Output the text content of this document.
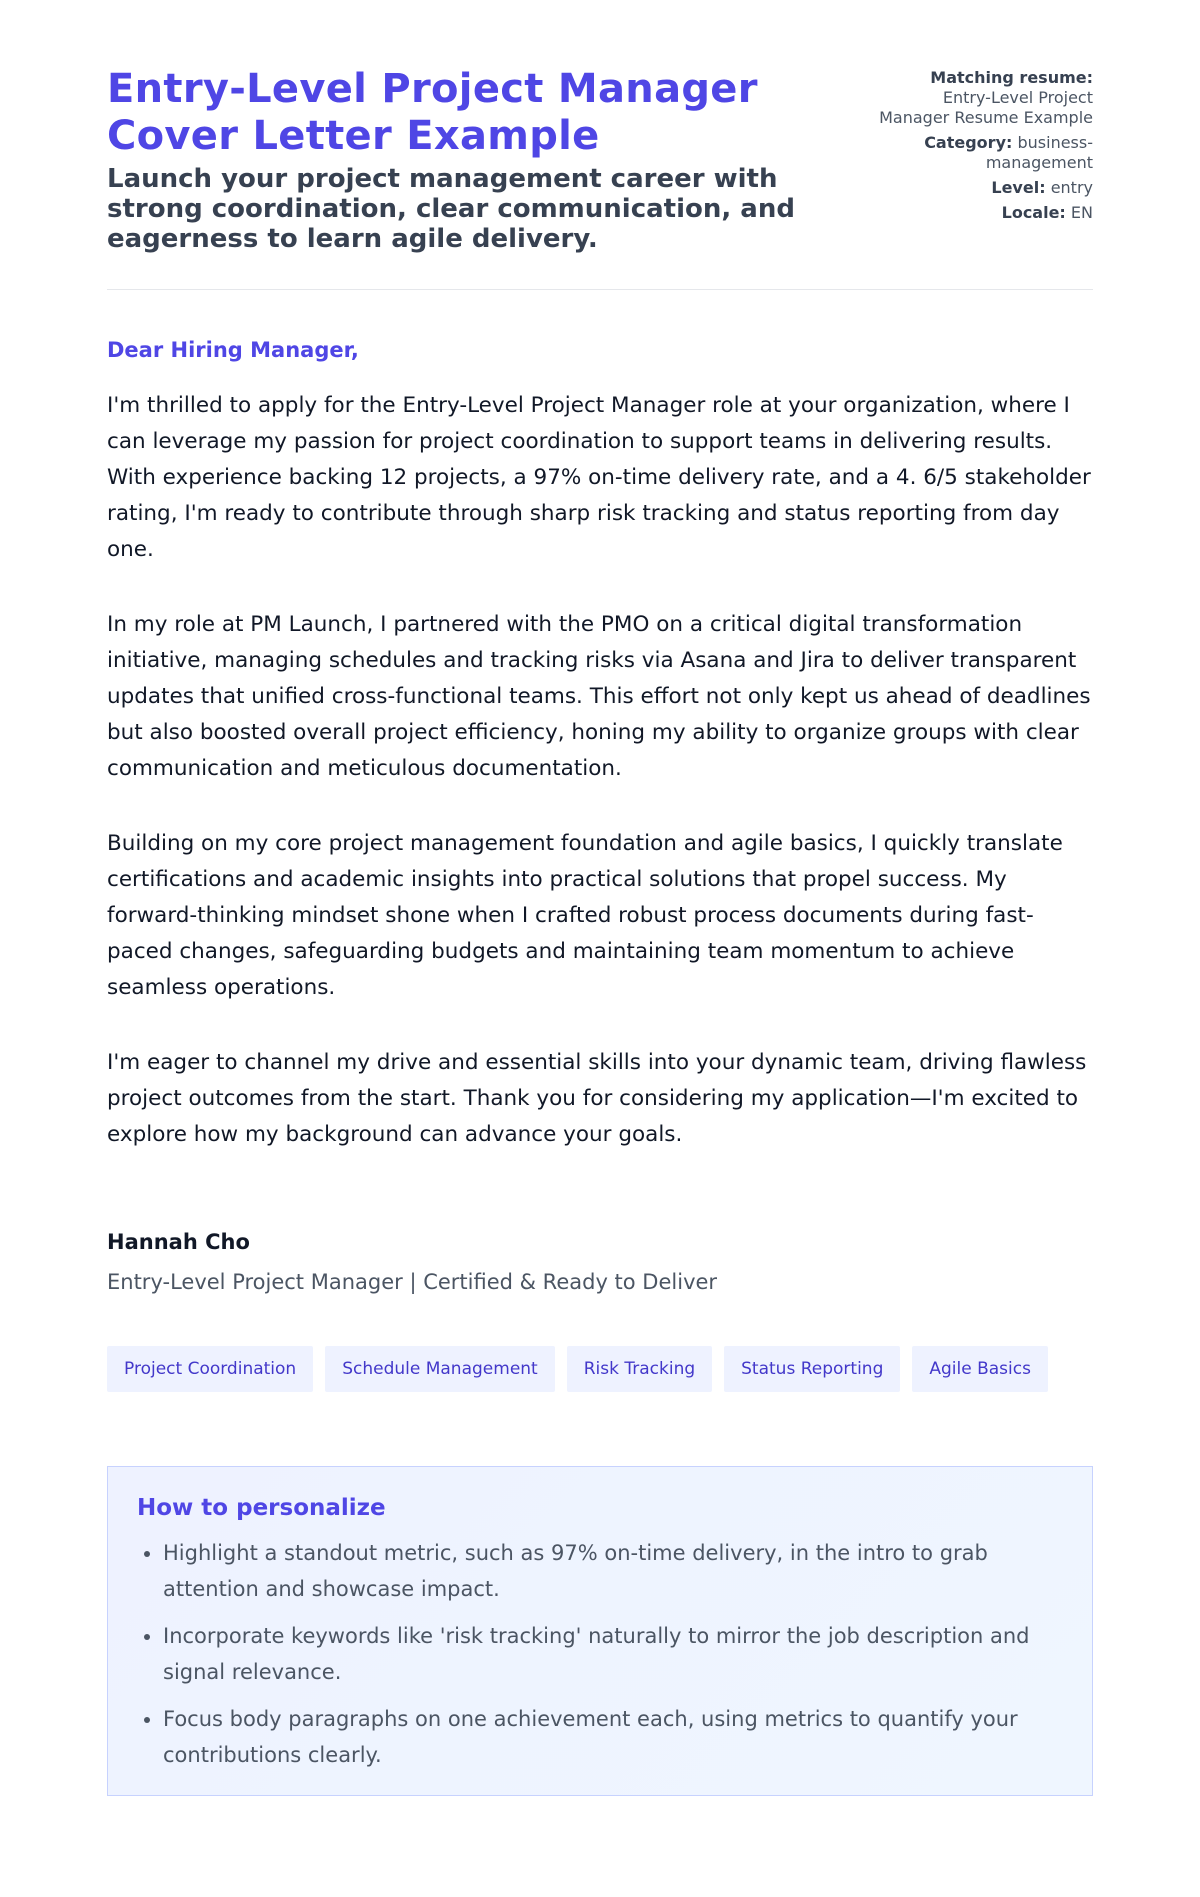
Entry-Level Project Manager Cover Letter Example
Launch your project management career with strong coordination, clear communication, and eagerness to learn agile delivery.
Matching resume:
Entry-Level Project Manager Resume Example
Category: business-management
Level: entry
Locale: EN

Dear Hiring Manager,

I'm thrilled to apply for the Entry-Level Project Manager role at your organization, where I can leverage my passion for project coordination to support teams in delivering results. With experience backing 12 projects, a 97% on-time delivery rate, and a 4. 6/5 stakeholder rating, I'm ready to contribute through sharp risk tracking and status reporting from day one.

In my role at PM Launch, I partnered with the PMO on a critical digital transformation initiative, managing schedules and tracking risks via Asana and Jira to deliver transparent updates that unified cross-functional teams. This effort not only kept us ahead of deadlines but also boosted overall project efficiency, honing my ability to organize groups with clear communication and meticulous documentation.

Building on my core project management foundation and agile basics, I quickly translate certifications and academic insights into practical solutions that propel success. My forward-thinking mindset shone when I crafted robust process documents during fast-paced changes, safeguarding budgets and maintaining team momentum to achieve seamless operations.

I'm eager to channel my drive and essential skills into your dynamic team, driving flawless project outcomes from the start. Thank you for considering my application—I'm excited to explore how my background can advance your goals.

Hannah Cho
Entry-Level Project Manager | Certified & Ready to Deliver
Project Coordination	Schedule Management	Risk Tracking	Status Reporting	Agile Basics
How to personalize
• Highlight a standout metric, such as 97% on-time delivery, in the intro to grab attention and showcase impact.
• Incorporate keywords like 'risk tracking' naturally to mirror the job description and signal relevance.
• Focus body paragraphs on one achievement each, using metrics to quantify your contributions clearly.
